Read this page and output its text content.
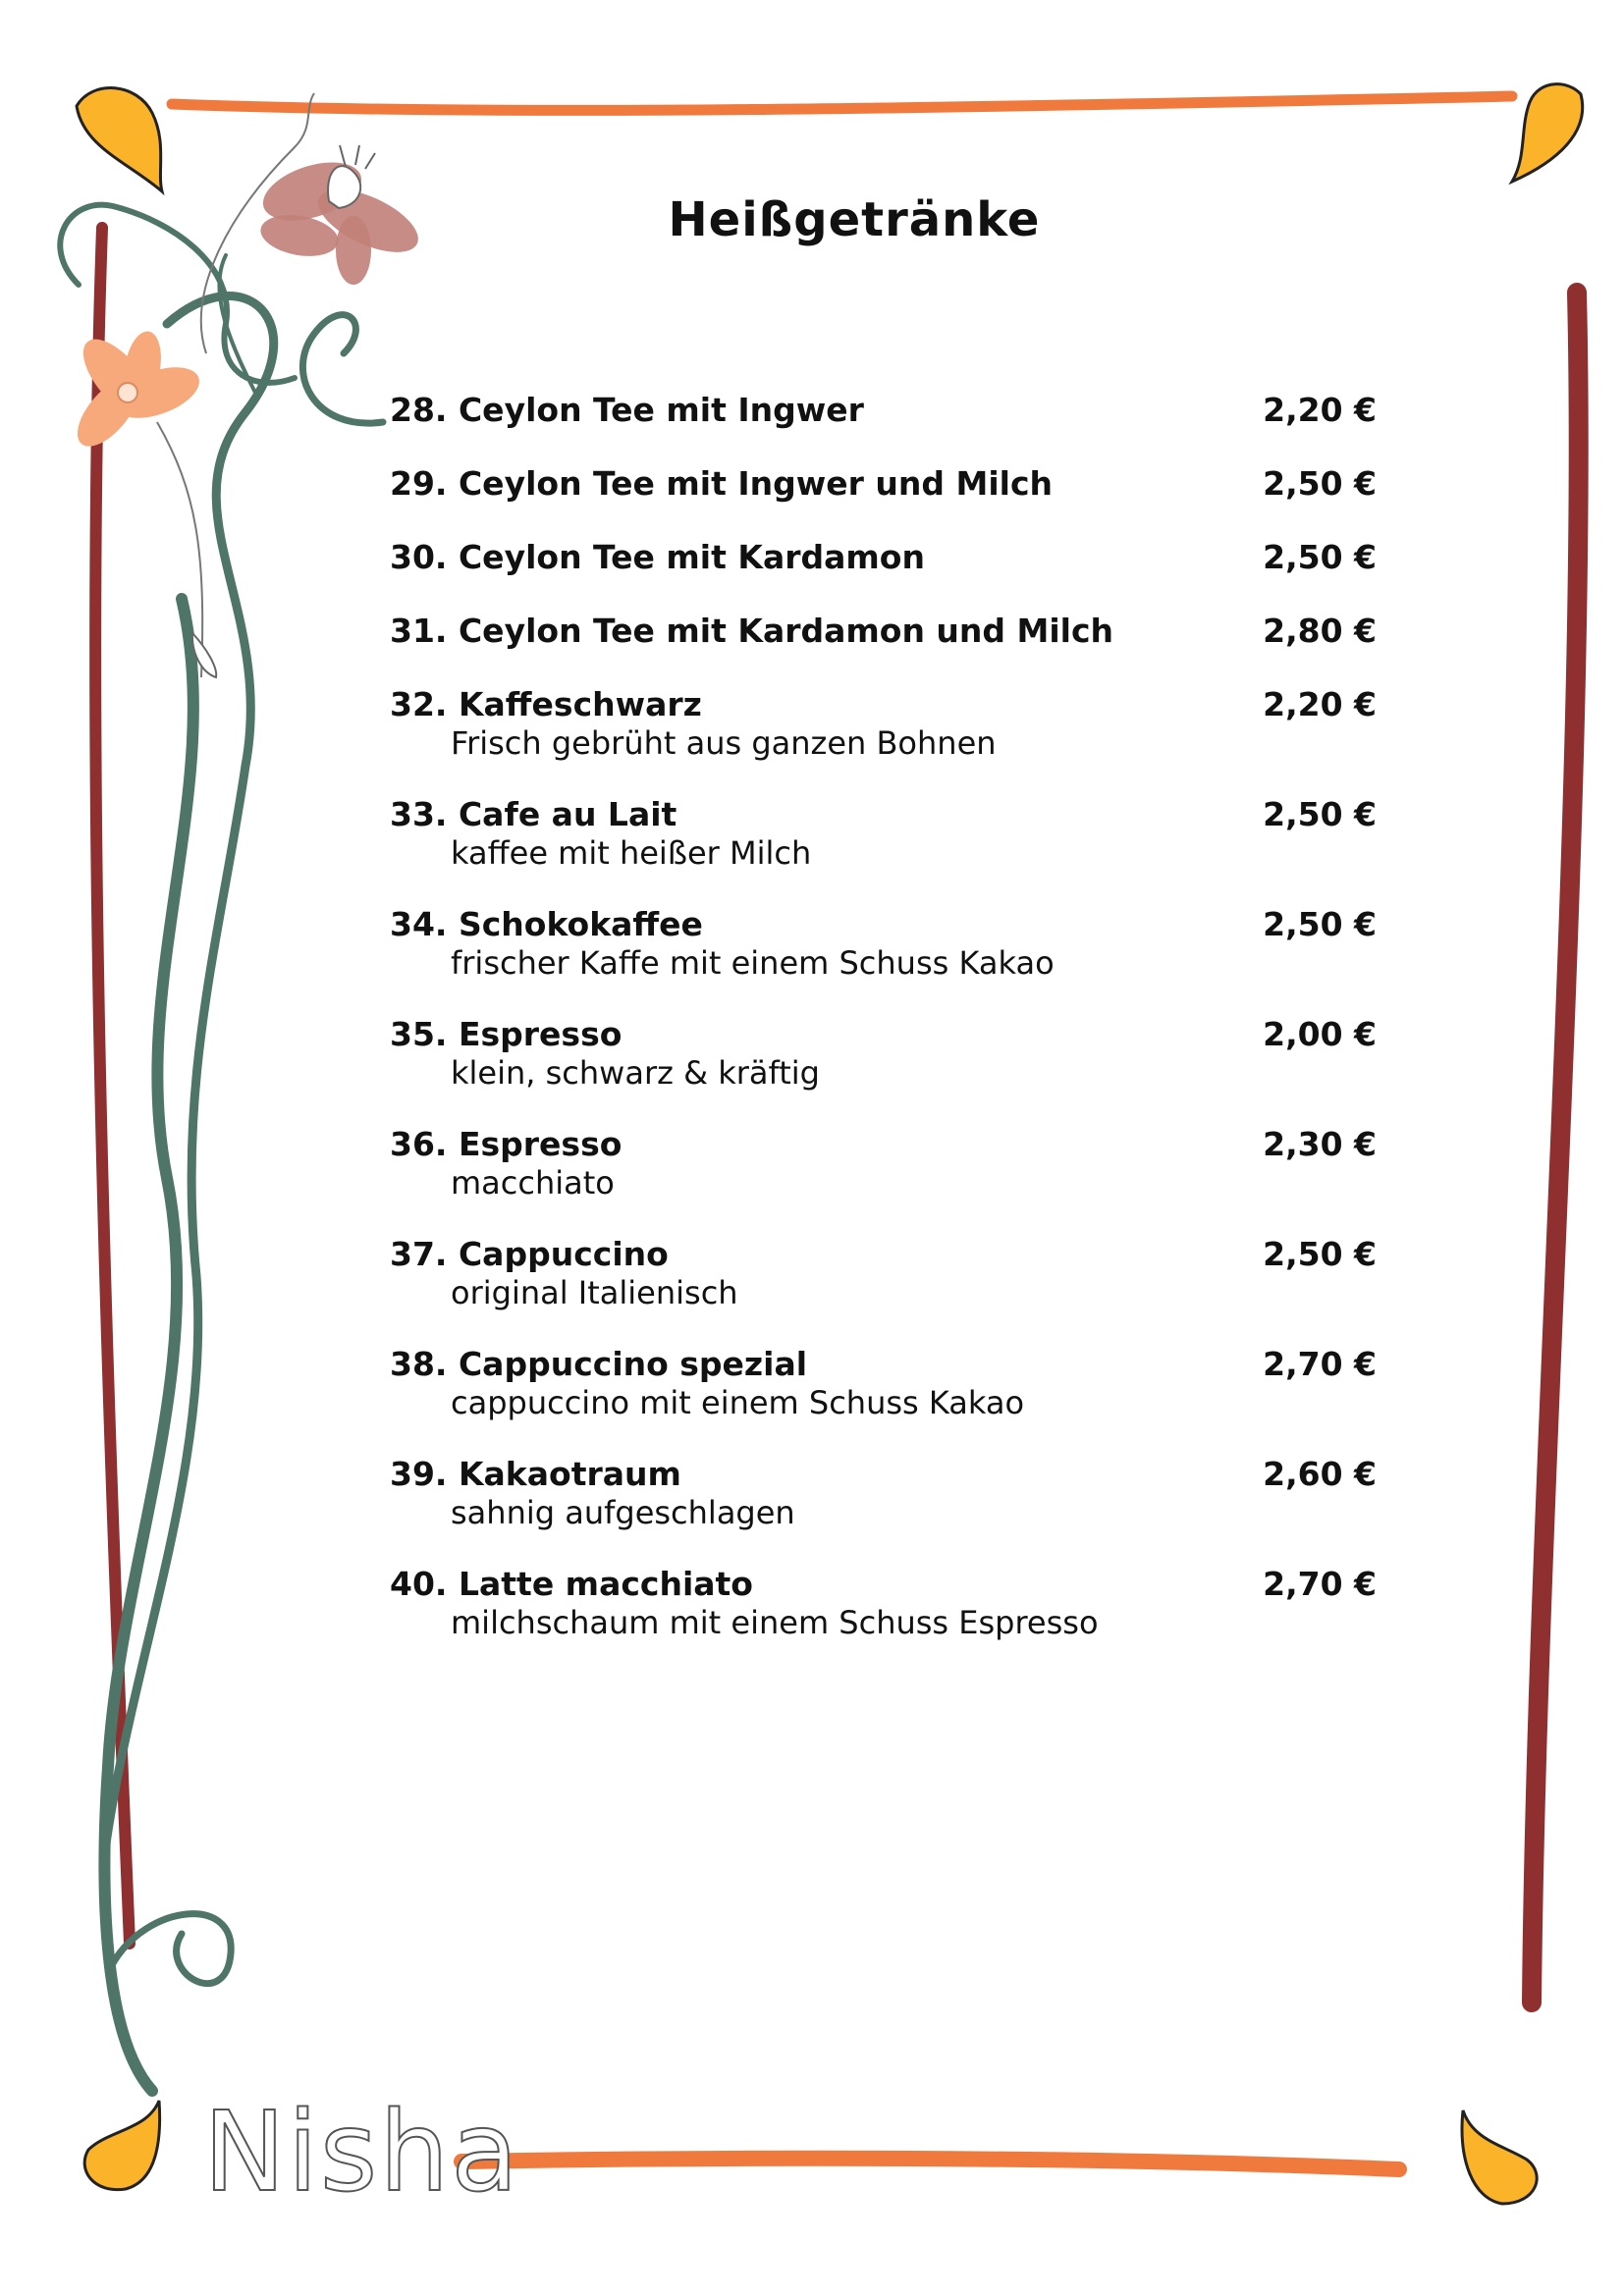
Heißgetränke
28. Ceylon Tee mit Ingwer	2,20 €
29. Ceylon Tee mit Ingwer und Milch	2,50 €
30. Ceylon Tee mit Kardamon	2,50 €
31. Ceylon Tee mit Kardamon und Milch	2,80 €
32. Kaffeschwarz	2,20 €
Frisch gebrüht aus ganzen Bohnen
33. Cafe au Lait	2,50 €
kaffee mit heißer Milch
34. Schokokaffee	2,50 €
frischer Kaffe mit einem Schuss Kakao
35. Espresso	2,00 €
klein, schwarz & kräftig
36. Espresso	2,30 €
macchiato
37. Cappuccino	2,50 €
original Italienisch
38. Cappuccino spezial	2,70 €
cappuccino mit einem Schuss Kakao
39. Kakaotraum	2,60 €
sahnig aufgeschlagen
40. Latte macchiato	2,70 €
milchschaum mit einem Schuss Espresso
Nisha
